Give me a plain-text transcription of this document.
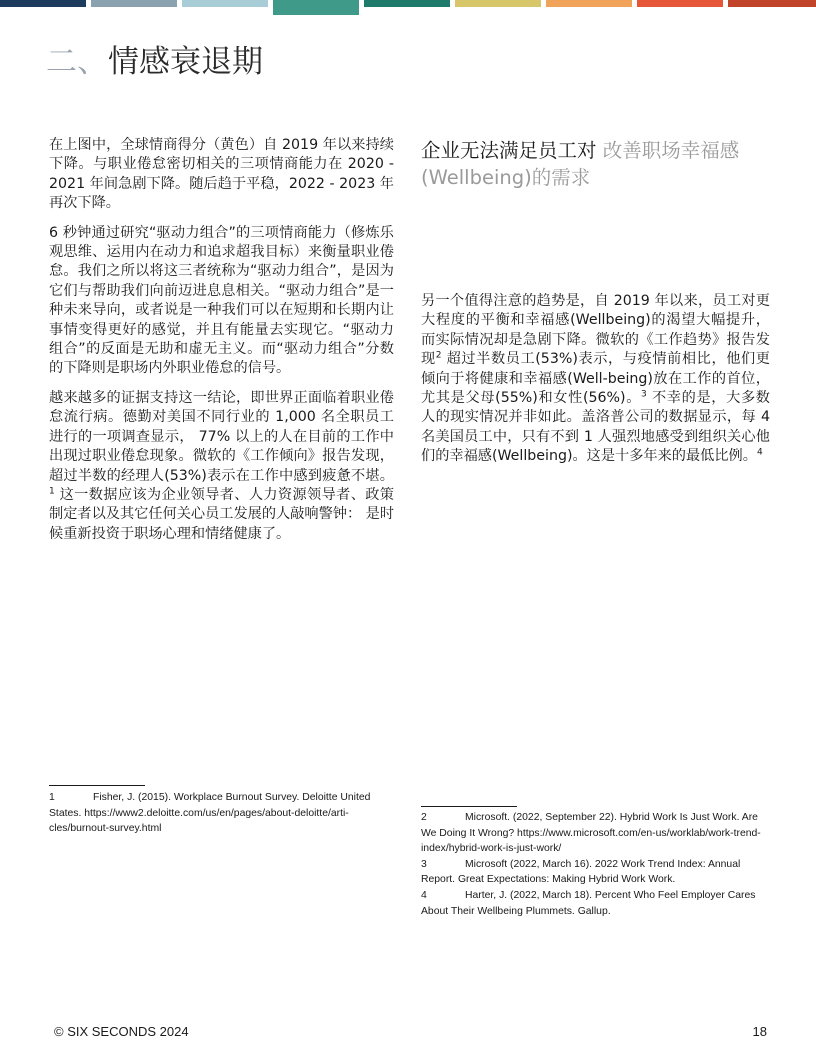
二、情感衰退期

在上图中，全球情商得分（黄色）自 2019 年以来持续下降。与职业倦怠密切相关的三项情商能力在 2020 - 2021 年间急剧下降。随后趋于平稳，2022 - 2023 年再次下降。

6 秒钟通过研究“驱动力组合”的三项情商能力（修炼乐观思维、运用内在动力和追求超我目标）来衡量职业倦怠。我们之所以将这三者统称为“驱动力组合”，是因为它们与帮助我们向前迈进息息相关。“驱动力组合”是一种未来导向，或者说是一种我们可以在短期和长期内让事情变得更好的感觉，并且有能量去实现它。“驱动力组合”的反面是无助和虚无主义。而“驱动力组合”分数的下降则是职场内外职业倦怠的信号。

越来越多的证据支持这一结论，即世界正面临着职业倦怠流行病。德勤对美国不同行业的 1,000 名全职员工进行的一项调查显示， 77% 以上的人在目前的工作中出现过职业倦怠现象。微软的《工作倾向》报告发现，超过半数的经理人(53%)表示在工作中感到疲惫不堪。$^1$ 这一数据应该为企业领导者、人力资源领导者、政策制定者以及其它任何关心员工发展的人敲响警钟： 是时候重新投资于职场心理和情绪健康了。

企业无法满足员工对 改善职场幸福感
(Wellbeing)的需求

另一个值得注意的趋势是，自 2019 年以来，员工对更大程度的平衡和幸福感(Wellbeing)的渴望大幅提升，而实际情况却是急剧下降。微软的《工作趋势》报告发现$^2$ 超过半数员工(53%)表示，与疫情前相比，他们更倾向于将健康和幸福感(Well-being)放在工作的首位，尤其是父母(55%)和女性(56%)。$^3$ 不幸的是，大多数人的现实情况并非如此。盖洛普公司的数据显示，每 4 名美国员工中，只有不到 1 人强烈地感受到组织关心他们的幸福感(Wellbeing)。这是十多年来的最低比例。$^4$

1	Fisher, J. (2015). Workplace Burnout Survey. Deloitte United States. https://www2.deloitte.com/us/en/pages/about-deloitte/arti-cles/burnout-survey.html
2	Microsoft. (2022, September 22). Hybrid Work Is Just Work. Are We Doing It Wrong? https://www.microsoft.com/en-us/worklab/work-trend-index/hybrid-work-is-just-work/
3	Microsoft (2022, March 16). 2022 Work Trend Index: Annual Report. Great Expectations: Making Hybrid Work Work.
4	Harter, J. (2022, March 18). Percent Who Feel Employer Cares About Their Wellbeing Plummets. Gallup.
© SIX SECONDS 2024	18
